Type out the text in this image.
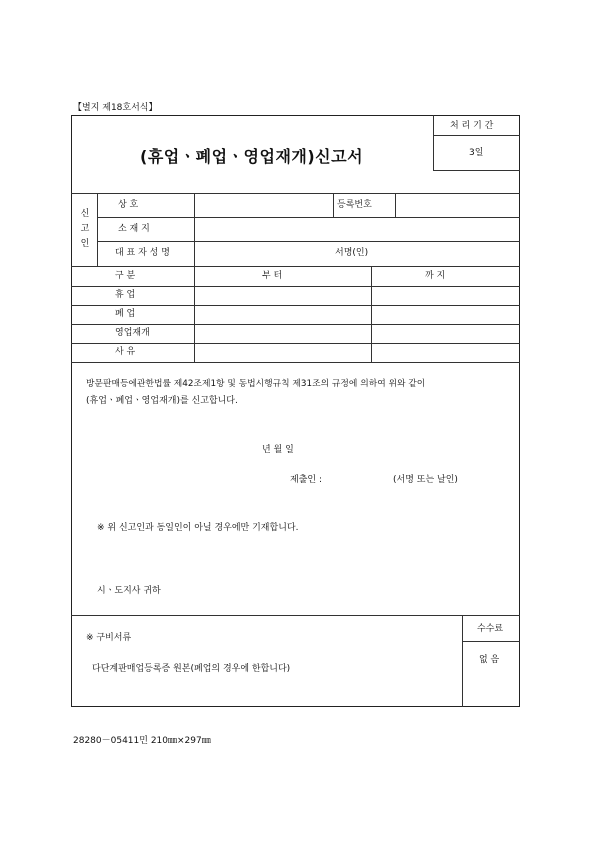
【별지 제18호서식】
처 리 기 간
3일
(휴업ㆍ폐업ㆍ영업재개)신고서
신고인
상 호	등록번호
소 재 지
대 표 자 성 명	서명(인)
구 분	부 터	까 지
휴 업
폐 업
영업재개
사 유
방문판매등에관한법률 제42조제1항 및 동법시행규칙 제31조의 규정에 의하여 위와 같이
(휴업ㆍ폐업ㆍ영업재개)를 신고합니다.
년 월 일
제출인 :	(서명 또는 날인)
※ 위 신고인과 동일인이 아닐 경우에만 기재합니다.
시ㆍ도지사 귀하
수수료
없 음
※ 구비서류
다단계판매업등록증 원본(폐업의 경우에 한합니다)
28280－05411민 210㎜×297㎜
